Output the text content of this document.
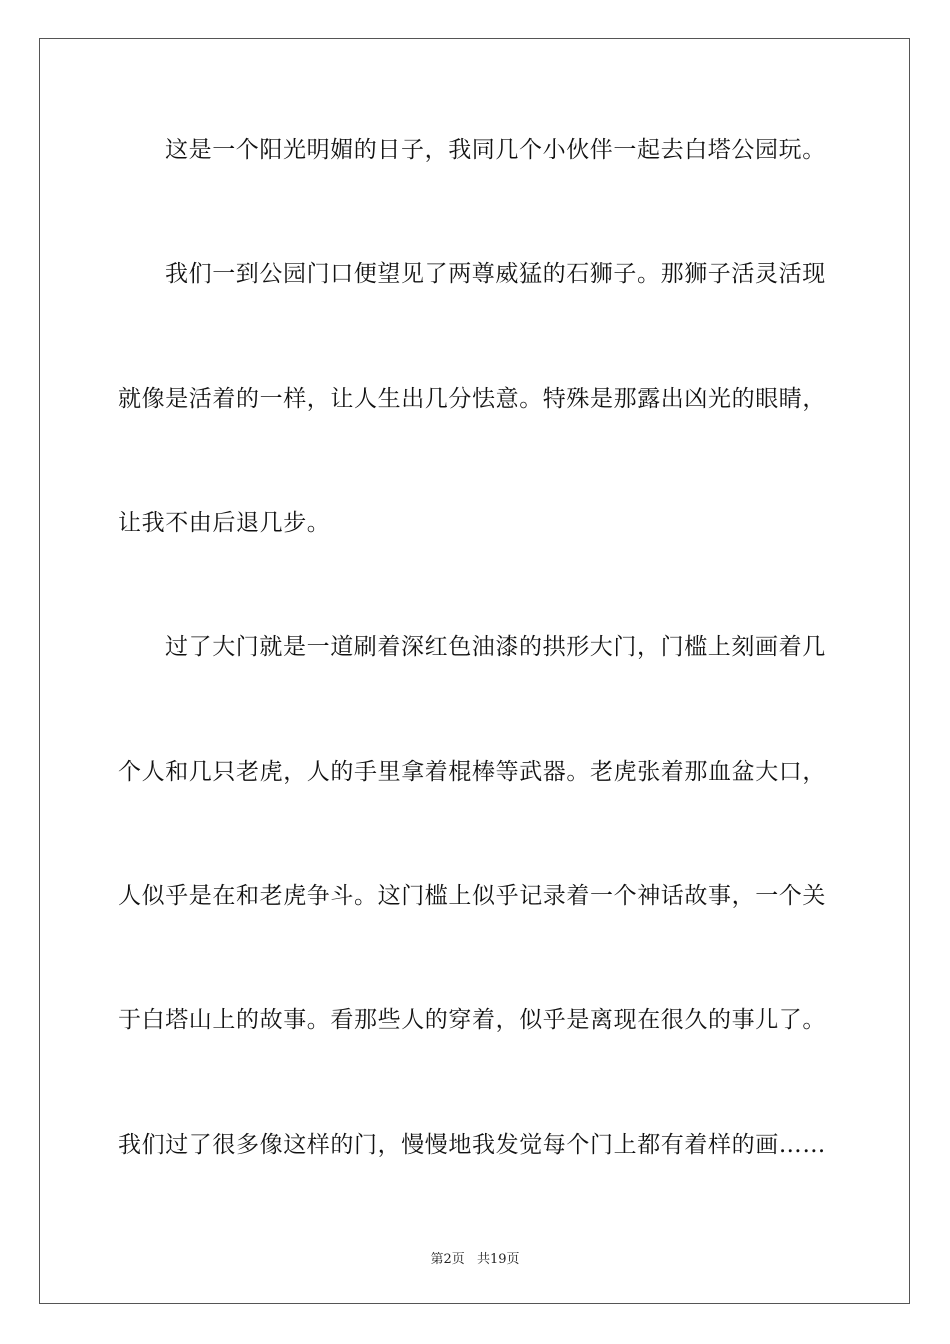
这是一个阳光明媚的日子，我同几个小伙伴一起去白塔公园玩。
我们一到公园门口便望见了两尊威猛的石狮子。那狮子活灵活现
就像是活着的一样，让人生出几分怯意。特殊是那露出凶光的眼睛，
让我不由后退几步。
过了大门就是一道刷着深红色油漆的拱形大门，门槛上刻画着几
个人和几只老虎，人的手里拿着棍棒等武器。老虎张着那血盆大口，
人似乎是在和老虎争斗。这门槛上似乎记录着一个神话故事，一个关
于白塔山上的故事。看那些人的穿着，似乎是离现在很久的事儿了。
我们过了很多像这样的门，慢慢地我发觉每个门上都有着样的画……
第2页 共19页
